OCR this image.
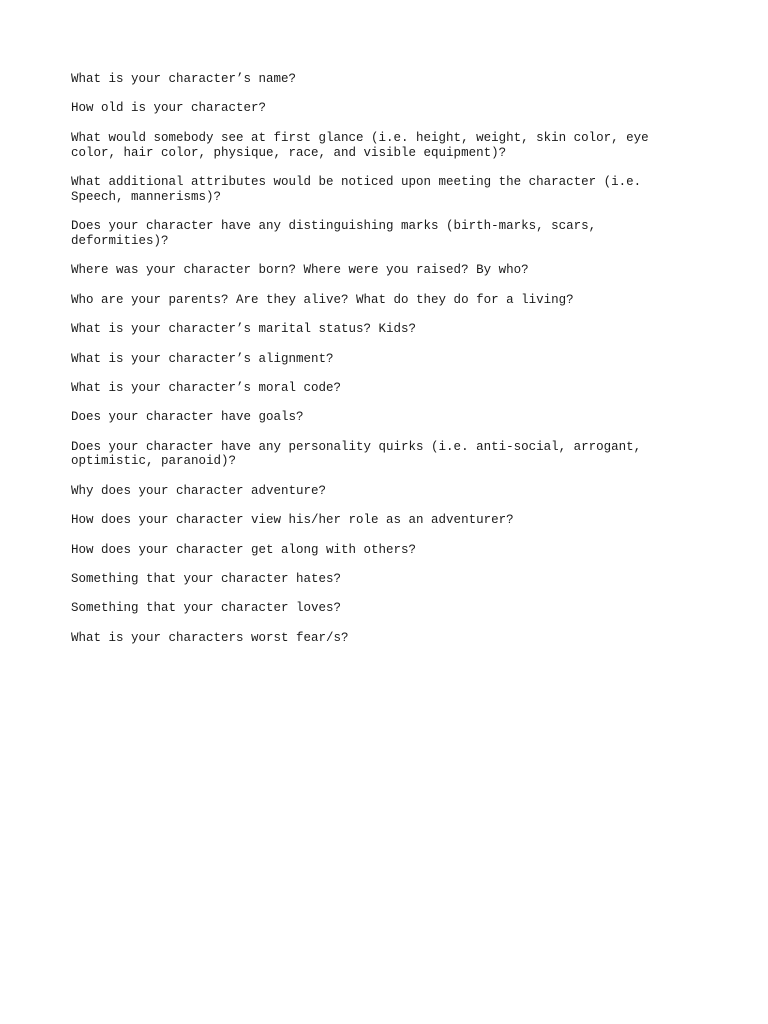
What is your character’s name?

How old is your character?

What would somebody see at first glance (i.e. height, weight, skin color, eye color, hair color, physique, race, and visible equipment)?

What additional attributes would be noticed upon meeting the character (i.e. Speech, mannerisms)?

Does your character have any distinguishing marks (birth-marks, scars, deformities)?

Where was your character born? Where were you raised? By who?

Who are your parents? Are they alive? What do they do for a living?

What is your character’s marital status? Kids?

What is your character’s alignment?

What is your character’s moral code?

Does your character have goals?

Does your character have any personality quirks (i.e. anti-social, arrogant, optimistic, paranoid)?

Why does your character adventure?

How does your character view his/her role as an adventurer?

How does your character get along with others?

Something that your character hates?

Something that your character loves?

What is your characters worst fear/s?
